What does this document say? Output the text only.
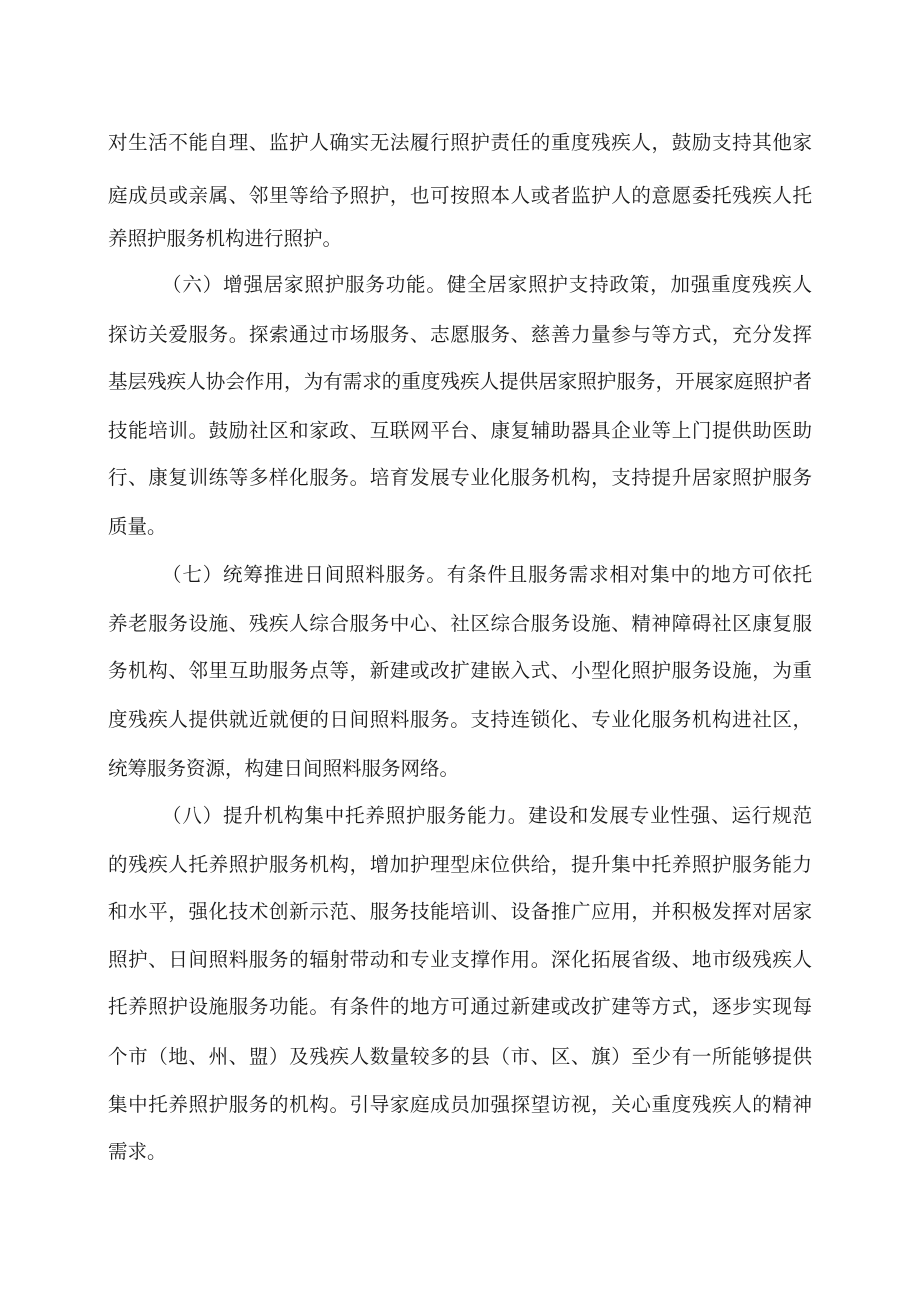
对生活不能自理、监护人确实无法履行照护责任的重度残疾人，鼓励支持其他家
庭成员或亲属、邻里等给予照护，也可按照本人或者监护人的意愿委托残疾人托
养照护服务机构进行照护。
（六）增强居家照护服务功能。健全居家照护支持政策，加强重度残疾人
探访关爱服务。探索通过市场服务、志愿服务、慈善力量参与等方式，充分发挥
基层残疾人协会作用，为有需求的重度残疾人提供居家照护服务，开展家庭照护者
技能培训。鼓励社区和家政、互联网平台、康复辅助器具企业等上门提供助医助
行、康复训练等多样化服务。培育发展专业化服务机构，支持提升居家照护服务
质量。
（七）统筹推进日间照料服务。有条件且服务需求相对集中的地方可依托
养老服务设施、残疾人综合服务中心、社区综合服务设施、精神障碍社区康复服
务机构、邻里互助服务点等，新建或改扩建嵌入式、小型化照护服务设施，为重
度残疾人提供就近就便的日间照料服务。支持连锁化、专业化服务机构进社区，
统筹服务资源，构建日间照料服务网络。
（八）提升机构集中托养照护服务能力。建设和发展专业性强、运行规范
的残疾人托养照护服务机构，增加护理型床位供给，提升集中托养照护服务能力
和水平，强化技术创新示范、服务技能培训、设备推广应用，并积极发挥对居家
照护、日间照料服务的辐射带动和专业支撑作用。深化拓展省级、地市级残疾人
托养照护设施服务功能。有条件的地方可通过新建或改扩建等方式，逐步实现每
个市（地、州、盟）及残疾人数量较多的县（市、区、旗）至少有一所能够提供
集中托养照护服务的机构。引导家庭成员加强探望访视，关心重度残疾人的精神
需求。
